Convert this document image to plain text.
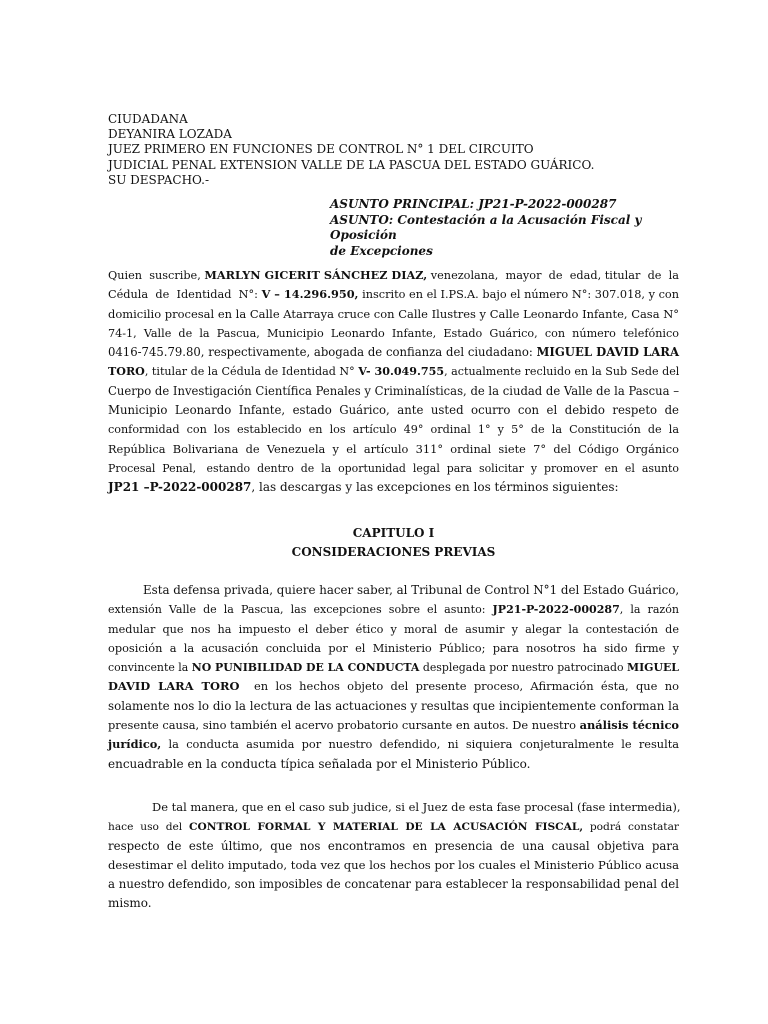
CIUDADANA
DEYANIRA LOZADA
JUEZ PRIMERO EN FUNCIONES DE CONTROL N° 1 DEL CIRCUITO
JUDICIAL PENAL EXTENSION VALLE DE LA PASCUA DEL ESTADO GUÁRICO.
SU DESPACHO.-
ASUNTO PRINCIPAL: JP21-P-2022-000287
ASUNTO: Contestación a la Acusación Fiscal y Oposición
de Excepciones
Quien  suscribe, MARLYN GICERIT SÁNCHEZ DIAZ, venezolana,  mayor  de  edad, titular  de  la
Cédula  de  Identidad  N°: V – 14.296.950, inscrito en el I.PS.A. bajo el número N°: 307.018, y con
domicilio procesal en la Calle Atarraya cruce con Calle Ilustres y Calle Leonardo Infante, Casa N°
74-1,  Valle  de  la  Pascua,  Municipio  Leonardo  Infante,  Estado  Guárico,  con  número  telefónico
0416-745.79.80, respectivamente, abogada de confianza del ciudadano: MIGUEL DAVID LARA
TORO, titular de la Cédula de Identidad N° V- 30.049.755, actualmente recluido en la Sub Sede del
Cuerpo de Investigación Científica Penales y Criminalísticas, de la ciudad de Valle de la Pascua –
Municipio  Leonardo  Infante,  estado  Guárico,  ante  usted  ocurro  con  el  debido  respeto  de
conformidad  con  los  establecido  en  los  artículo  49°  ordinal  1°  y  5°  de  la  Constitución  de  la
República  Bolivariana  de  Venezuela  y  el  artículo  311°  ordinal  siete  7°  del  Código  Orgánico
Procesal  Penal,   estando  dentro  de  la  oportunidad  legal  para  solicitar  y  promover  en  el  asunto
JP21 –P-2022-000287, las descargas y las excepciones en los términos siguientes:
CAPITULO I
CONSIDERACIONES PREVIAS
Esta defensa privada, quiere hacer saber, al Tribunal de Control N°1 del Estado Guárico,
extensión  Valle  de  la  Pascua,  las  excepciones  sobre  el  asunto:  JP21-P-2022-000287,  la  razón
medular  que  nos  ha  impuesto  el  deber  ético  y  moral  de  asumir  y  alegar  la  contestación  de
oposición  a  la  acusación  concluida  por  el  Ministerio  Público;  para  nosotros  ha  sido  firme  y
convincente la NO PUNIBILIDAD DE LA CONDUCTA desplegada por nuestro patrocinado MIGUEL
DAVID  LARA  TORO    en  los  hechos  objeto  del  presente  proceso,  Afirmación  ésta,  que  no
solamente nos lo dio la lectura de las actuaciones y resultas que incipientemente conforman la
presente causa, sino también el acervo probatorio cursante en autos. De nuestro análisis técnico
jurídico,  la  conducta  asumida  por  nuestro  defendido,  ni  siquiera  conjeturalmente  le  resulta
encuadrable en la conducta típica señalada por el Ministerio Público.
De tal manera, que en el caso sub judice, si el Juez de esta fase procesal (fase intermedia),
hace  uso  del  CONTROL  FORMAL  Y  MATERIAL  DE  LA  ACUSACIÓN  FISCAL,  podrá  constatar
respecto  de  este  último,  que  nos  encontramos  en  presencia  de  una  causal  objetiva  para
desestimar el delito imputado, toda vez que los hechos por los cuales el Ministerio Público acusa
a nuestro defendido, son imposibles de concatenar para establecer la responsabilidad penal del
mismo.
